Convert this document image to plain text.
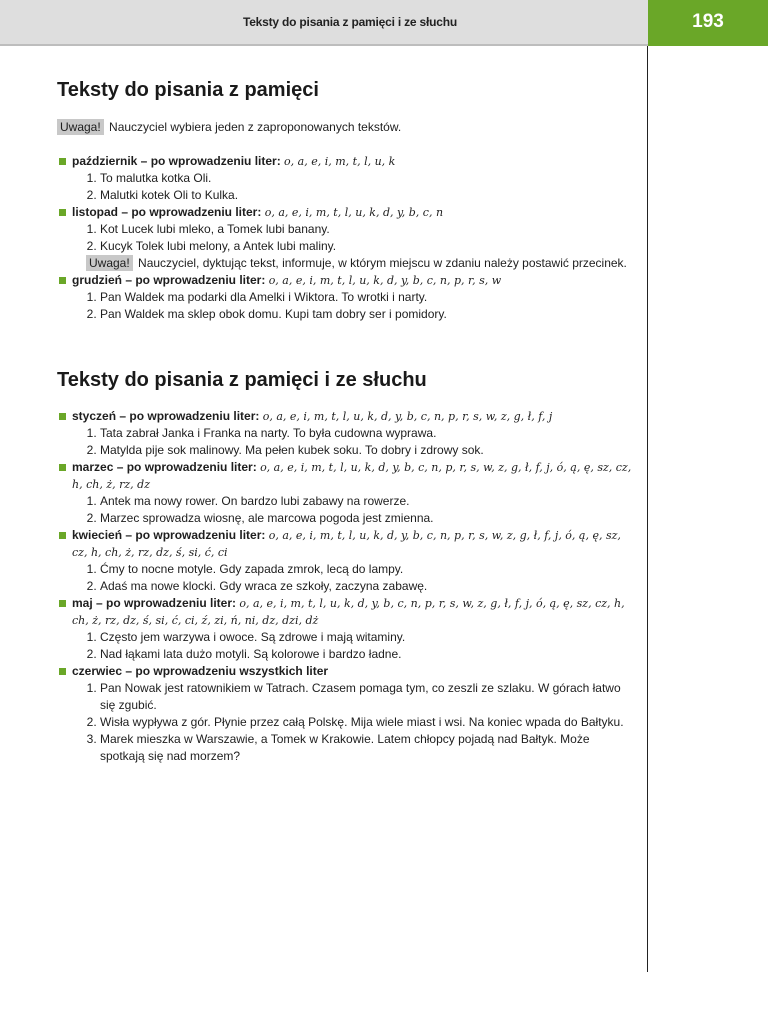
Teksty do pisania z pamięci i ze słuchu	193
Teksty do pisania z pamięci
Uwaga! Nauczyciel wybiera jeden z zaproponowanych tekstów.
październik – po wprowadzeniu liter: o, a, e, i, m, t, l, u, k
1. To malutka kotka Oli.
2. Malutki kotek Oli to Kulka.
listopad – po wprowadzeniu liter: o, a, e, i, m, t, l, u, k, d, y, b, c, n
1. Kot Lucek lubi mleko, a Tomek lubi banany.
2. Kucyk Tolek lubi melony, a Antek lubi maliny.
Uwaga! Nauczyciel, dyktując tekst, informuje, w którym miejscu w zdaniu należy postawić przecinek.
grudzień – po wprowadzeniu liter: o, a, e, i, m, t, l, u, k, d, y, b, c, n, p, r, s, w
1. Pan Waldek ma podarki dla Amelki i Wiktora. To wrotki i narty.
2. Pan Waldek ma sklep obok domu. Kupi tam dobry ser i pomidory.
Teksty do pisania z pamięci i ze słuchu
styczeń – po wprowadzeniu liter: o, a, e, i, m, t, l, u, k, d, y, b, c, n, p, r, s, w, z, g, ł, f, j
1. Tata zabrał Janka i Franka na narty. To była cudowna wyprawa.
2. Matylda pije sok malinowy. Ma pełen kubek soku. To dobry i zdrowy sok.
marzec – po wprowadzeniu liter: o, a, e, i, m, t, l, u, k, d, y, b, c, n, p, r, s, w, z, g, ł, f, j, ó, ą, ę, sz, cz, h, ch, ż, rz, dz
1. Antek ma nowy rower. On bardzo lubi zabawy na rowerze.
2. Marzec sprowadza wiosnę, ale marcowa pogoda jest zmienna.
kwiecień – po wprowadzeniu liter: o, a, e, i, m, t, l, u, k, d, y, b, c, n, p, r, s, w, z, g, ł, f, j, ó, ą, ę, sz, cz, h, ch, ż, rz, dz, ś, si, ć, ci
1. Ćmy to nocne motyle. Gdy zapada zmrok, lecą do lampy.
2. Adaś ma nowe klocki. Gdy wraca ze szkoły, zaczyna zabawę.
maj – po wprowadzeniu liter: o, a, e, i, m, t, l, u, k, d, y, b, c, n, p, r, s, w, z, g, ł, f, j, ó, ą, ę, sz, cz, h, ch, ż, rz, dz, ś, si, ć, ci, ź, zi, ń, ni, dz, dzi, dż
1. Często jem warzywa i owoce. Są zdrowe i mają witaminy.
2. Nad łąkami lata dużo motyli. Są kolorowe i bardzo ładne.
czerwiec – po wprowadzeniu wszystkich liter
1. Pan Nowak jest ratownikiem w Tatrach. Czasem pomaga tym, co zeszli ze szlaku. W górach łatwo się zgubić.
2. Wisła wypływa z gór. Płynie przez całą Polskę. Mija wiele miast i wsi. Na koniec wpada do Bałtyku.
3. Marek mieszka w Warszawie, a Tomek w Krakowie. Latem chłopcy pojadą nad Bałtyk. Może spotkają się nad morzem?
